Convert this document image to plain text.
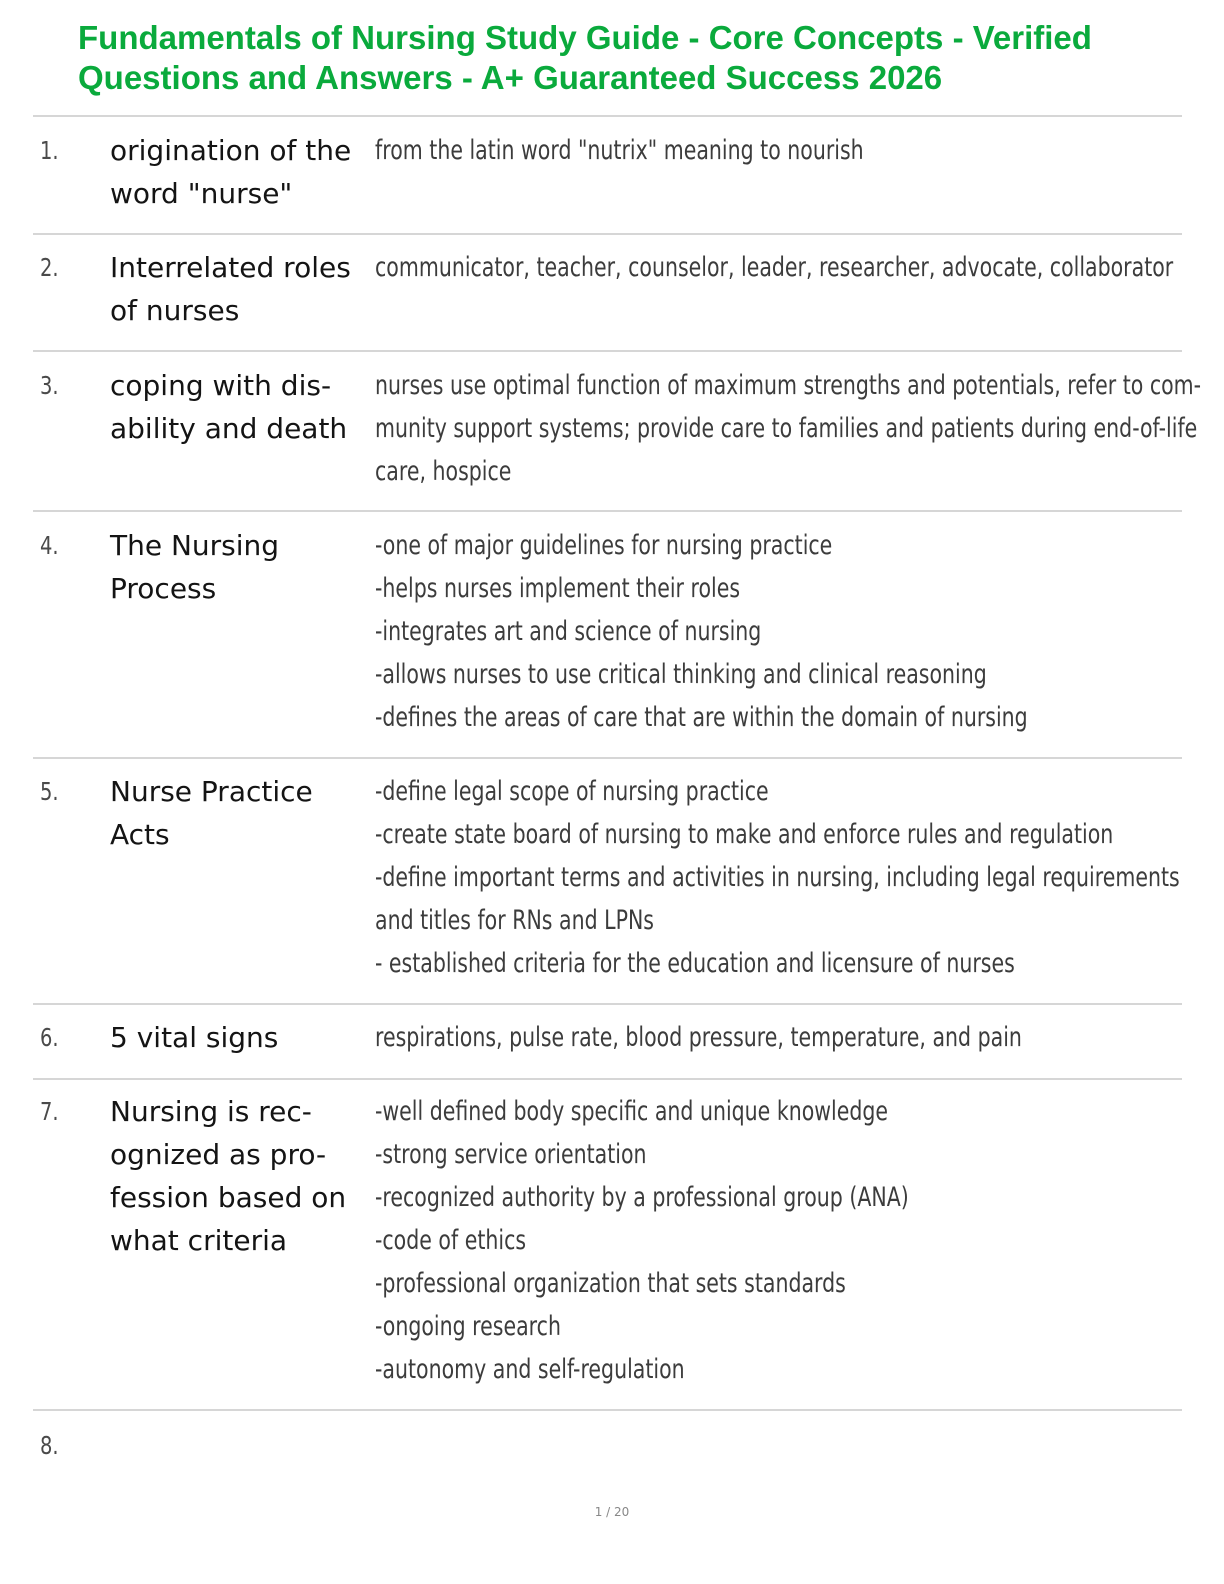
Fundamentals of Nursing Study Guide - Core Concepts - Verified
Questions and Answers - A+ Guaranteed Success 2026
1. origination of the
word "nurse"
from the latin word "nutrix" meaning to nourish
2. Interrelated roles
of nurses
communicator, teacher, counselor, leader, researcher, advocate, collaborator
3. coping with dis-
ability and death
nurses use optimal function of maximum strengths and potentials, refer to com-
munity support systems; provide care to families and patients during end-of-life
care, hospice
4. The Nursing
Process
-one of major guidelines for nursing practice
-helps nurses implement their roles
-integrates art and science of nursing
-allows nurses to use critical thinking and clinical reasoning
-defines the areas of care that are within the domain of nursing
5. Nurse Practice
Acts
-define legal scope of nursing practice
-create state board of nursing to make and enforce rules and regulation
-define important terms and activities in nursing, including legal requirements
and titles for RNs and LPNs
- established criteria for the education and licensure of nurses
6. 5 vital signs	respirations, pulse rate, blood pressure, temperature, and pain
7. Nursing is rec-
ognized as pro-
fession based on
what criteria
-well defined body specific and unique knowledge
-strong service orientation
-recognized authority by a professional group (ANA)
-code of ethics
-professional organization that sets standards
-ongoing research
-autonomy and self-regulation
8.
1 / 20
